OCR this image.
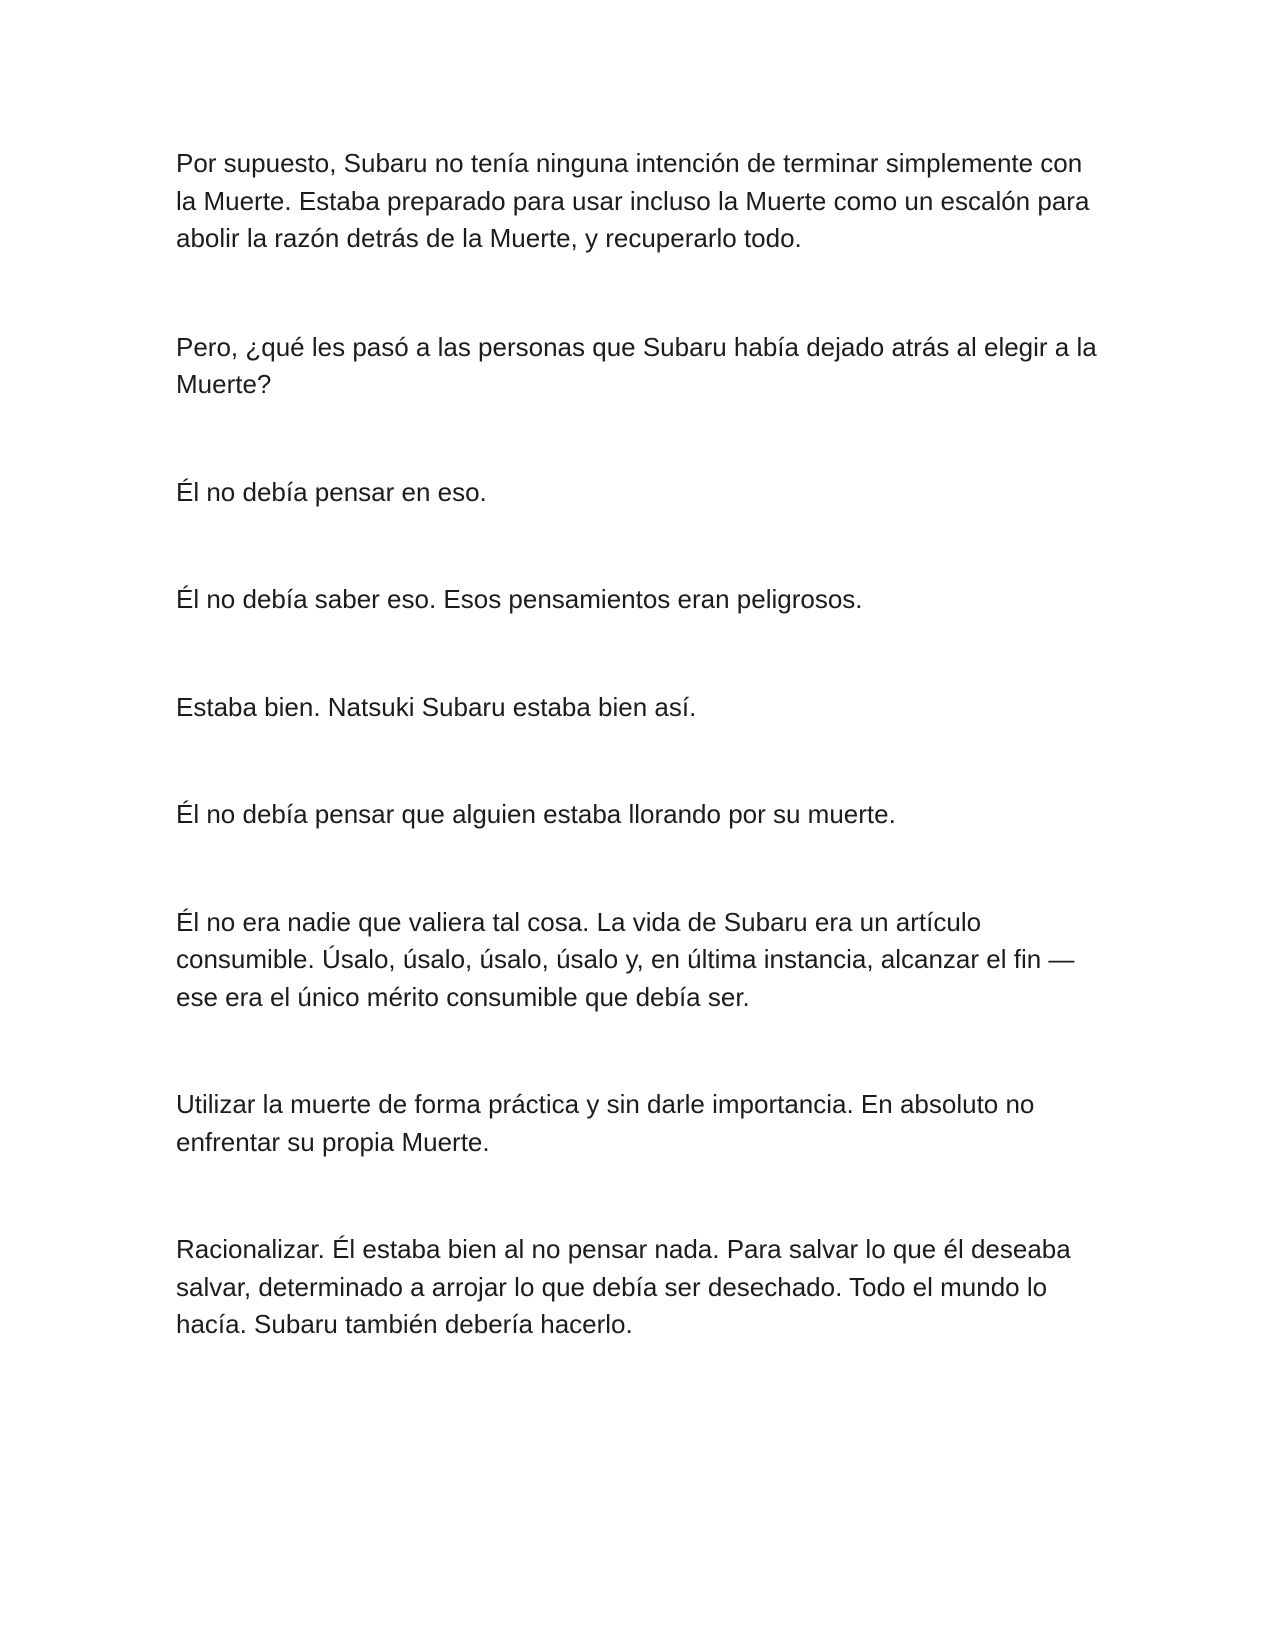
Por supuesto, Subaru no tenía ninguna intención de terminar simplemente con la Muerte. Estaba preparado para usar incluso la Muerte como un escalón para abolir la razón detrás de la Muerte, y recuperarlo todo.

Pero, ¿qué les pasó a las personas que Subaru había dejado atrás al elegir a la Muerte?

Él no debía pensar en eso.

Él no debía saber eso. Esos pensamientos eran peligrosos.

Estaba bien. Natsuki Subaru estaba bien así.

Él no debía pensar que alguien estaba llorando por su muerte.

Él no era nadie que valiera tal cosa. La vida de Subaru era un artículo consumible. Úsalo, úsalo, úsalo, úsalo y, en última instancia, alcanzar el fin — ese era el único mérito consumible que debía ser.

Utilizar la muerte de forma práctica y sin darle importancia. En absoluto no enfrentar su propia Muerte.

Racionalizar. Él estaba bien al no pensar nada. Para salvar lo que él deseaba salvar, determinado a arrojar lo que debía ser desechado. Todo el mundo lo hacía. Subaru también debería hacerlo.
